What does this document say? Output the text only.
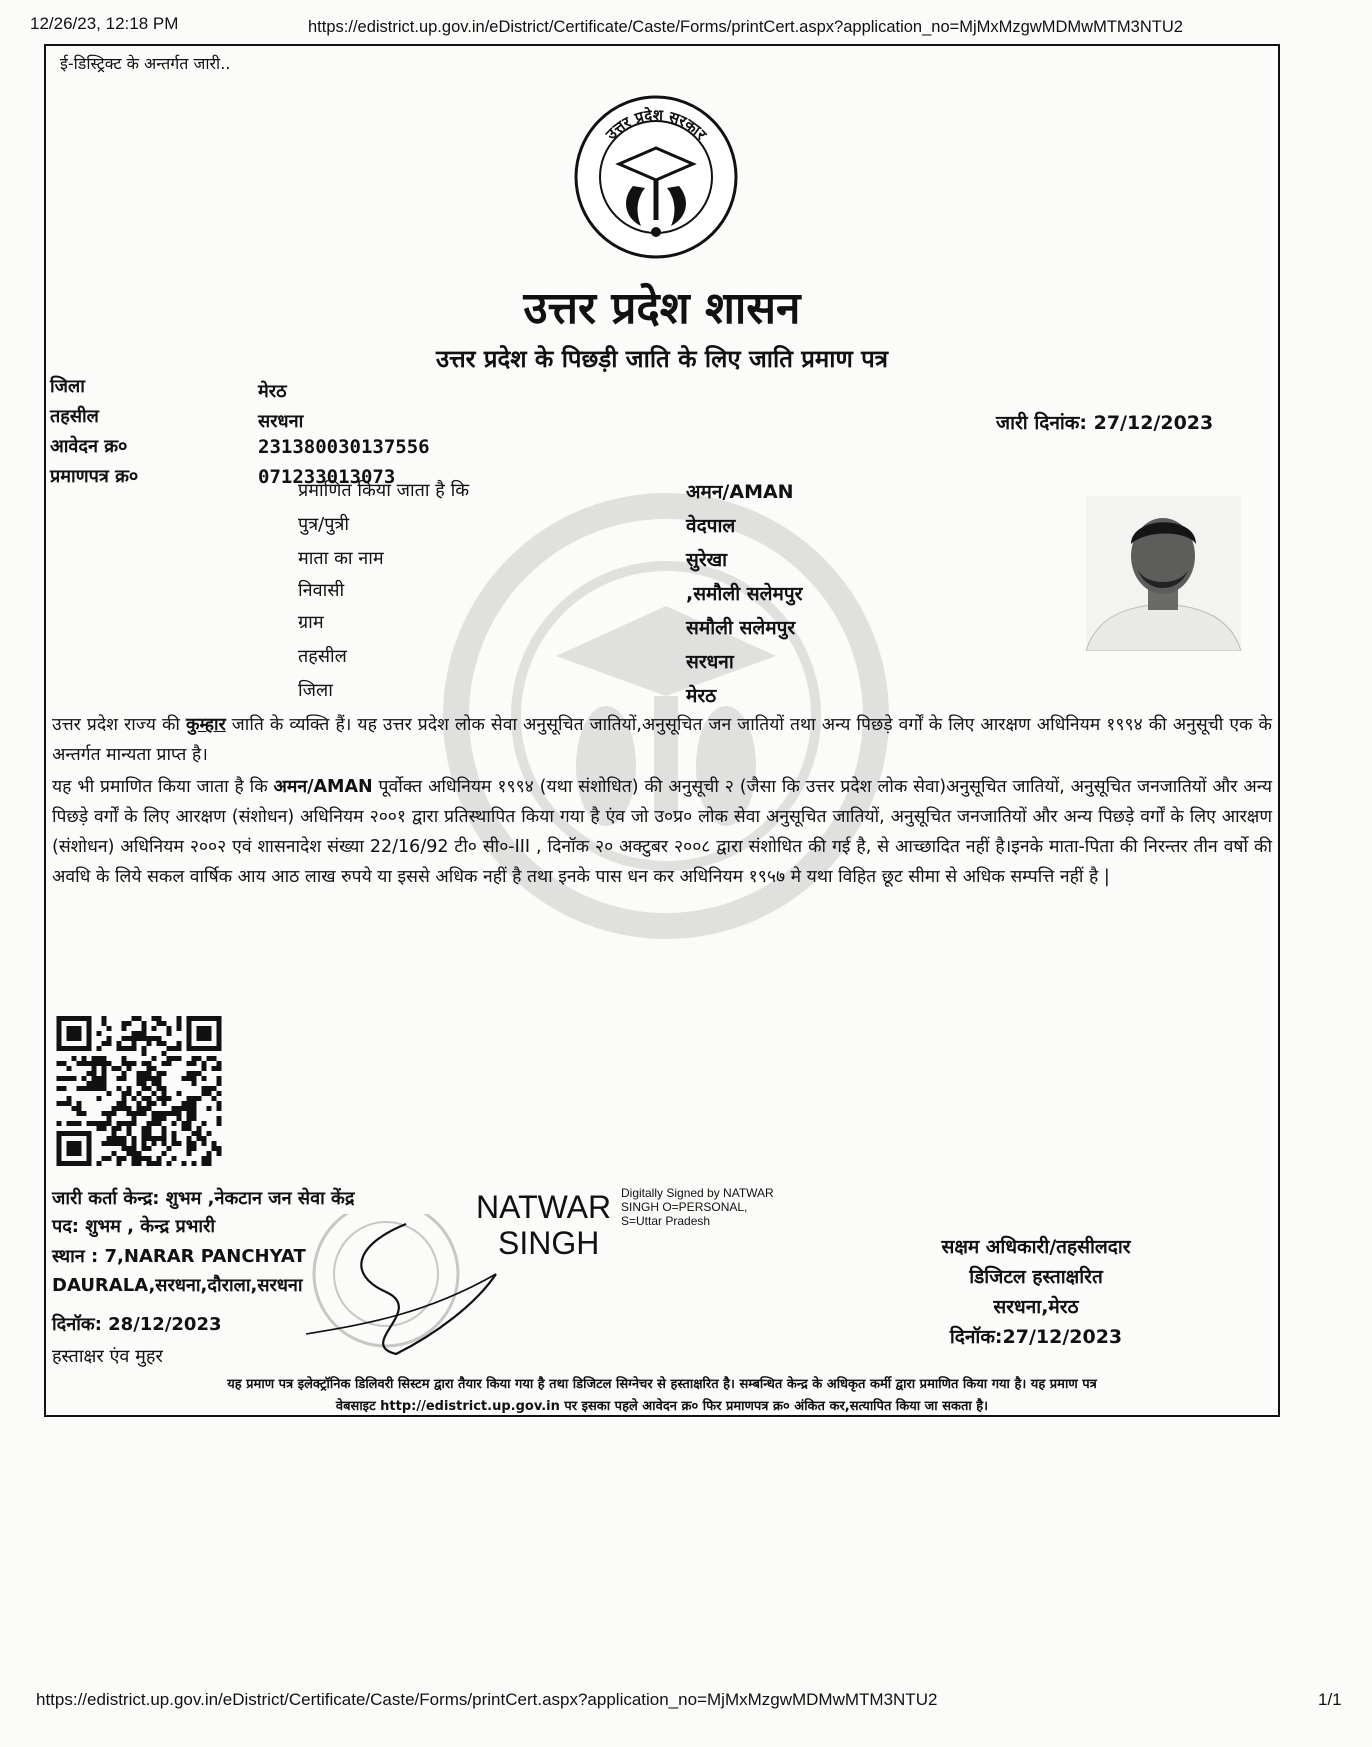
12/26/23, 12:18 PM	https://edistrict.up.gov.in/eDistrict/Certificate/Caste/Forms/printCert.aspx?application_no=MjMxMzgwMDMwMTM3NTU2
ई-डिस्ट्रिक्ट के अन्तर्गत जारी..
उत्तर प्रदेश सरकार
उत्तर प्रदेश शासन
उत्तर प्रदेश के पिछड़ी जाति के लिए जाति प्रमाण पत्र
जिला	मेरठ
तहसील	सरधना
आवेदन क्र०	231380030137556
प्रमाणपत्र क्र०	071233013073
जारी दिनांक: 27/12/2023
प्रमाणित किया जाता है कि	अमन/AMAN
पुत्र/पुत्री	वेदपाल
माता का नाम	सुरेखा
निवासी	,समौली सलेमपुर
ग्राम	समौली सलेमपुर
तहसील	सरधना
जिला	मेरठ
उत्तर प्रदेश राज्य की कुम्हार जाति के व्यक्ति हैं। यह उत्तर प्रदेश लोक सेवा अनुसूचित जातियों,अनुसूचित जन जातियों तथा अन्य पिछड़े वर्गों के लिए आरक्षण अधिनियम १९९४ की अनुसूची एक के अन्तर्गत मान्यता प्राप्त है।
यह भी प्रमाणित किया जाता है कि अमन/AMAN पूर्वोक्त अधिनियम १९९४ (यथा संशोधित) की अनुसूची २ (जैसा कि उत्तर प्रदेश लोक सेवा)अनुसूचित जातियों, अनुसूचित जनजातियों और अन्य पिछड़े वर्गों के लिए आरक्षण (संशोधन) अधिनियम २००१ द्वारा प्रतिस्थापित किया गया है एंव जो उ०प्र० लोक सेवा अनुसूचित जातियों, अनुसूचित जनजातियों और अन्य पिछड़े वर्गों के लिए आरक्षण (संशोधन) अधिनियम २००२ एवं शासनादेश संख्या 22/16/92 टी० सी०-III , दिनॉक २० अक्टुबर २००८ द्वारा संशोधित की गई है, से आच्छादित नहीं है।इनके माता-पिता की निरन्तर तीन वर्षो की अवधि के लिये सकल वार्षिक आय आठ लाख रुपये या इससे अधिक नहीं है तथा इनके पास धन कर अधिनियम १९५७ मे यथा विहित छूट सीमा से अधिक सम्पत्ति नहीं है |
जारी कर्ता केन्द्र: शुभम ,नेकटान जन सेवा केंद्र
पद: शुभम , केन्द्र प्रभारी
स्थान : 7,NARAR PANCHYAT DAURALA,सरधना,दौराला,सरधना
दिनॉक: 28/12/2023
हस्ताक्षर एंव मुहर
NATWAR
SINGH
Digitally Signed by NATWAR
SINGH O=PERSONAL,
S=Uttar Pradesh
सक्षम अधिकारी/तहसीलदार
डिजिटल हस्ताक्षरित
सरधना,मेरठ
दिनॉक:27/12/2023
यह प्रमाण पत्र इलेक्ट्रॉनिक डिलिवरी सिस्टम द्वारा तैयार किया गया है तथा डिजिटल सिग्नेचर से हस्ताक्षरित है। सम्बन्धित केन्द्र के अधिकृत कर्मी द्वारा प्रमाणित किया गया है। यह प्रमाण पत्र
वेबसाइट http://edistrict.up.gov.in पर इसका पहले आवेदन क्र० फिर प्रमाणपत्र क्र० अंकित कर,सत्यापित किया जा सकता है।
https://edistrict.up.gov.in/eDistrict/Certificate/Caste/Forms/printCert.aspx?application_no=MjMxMzgwMDMwMTM3NTU2	1/1
